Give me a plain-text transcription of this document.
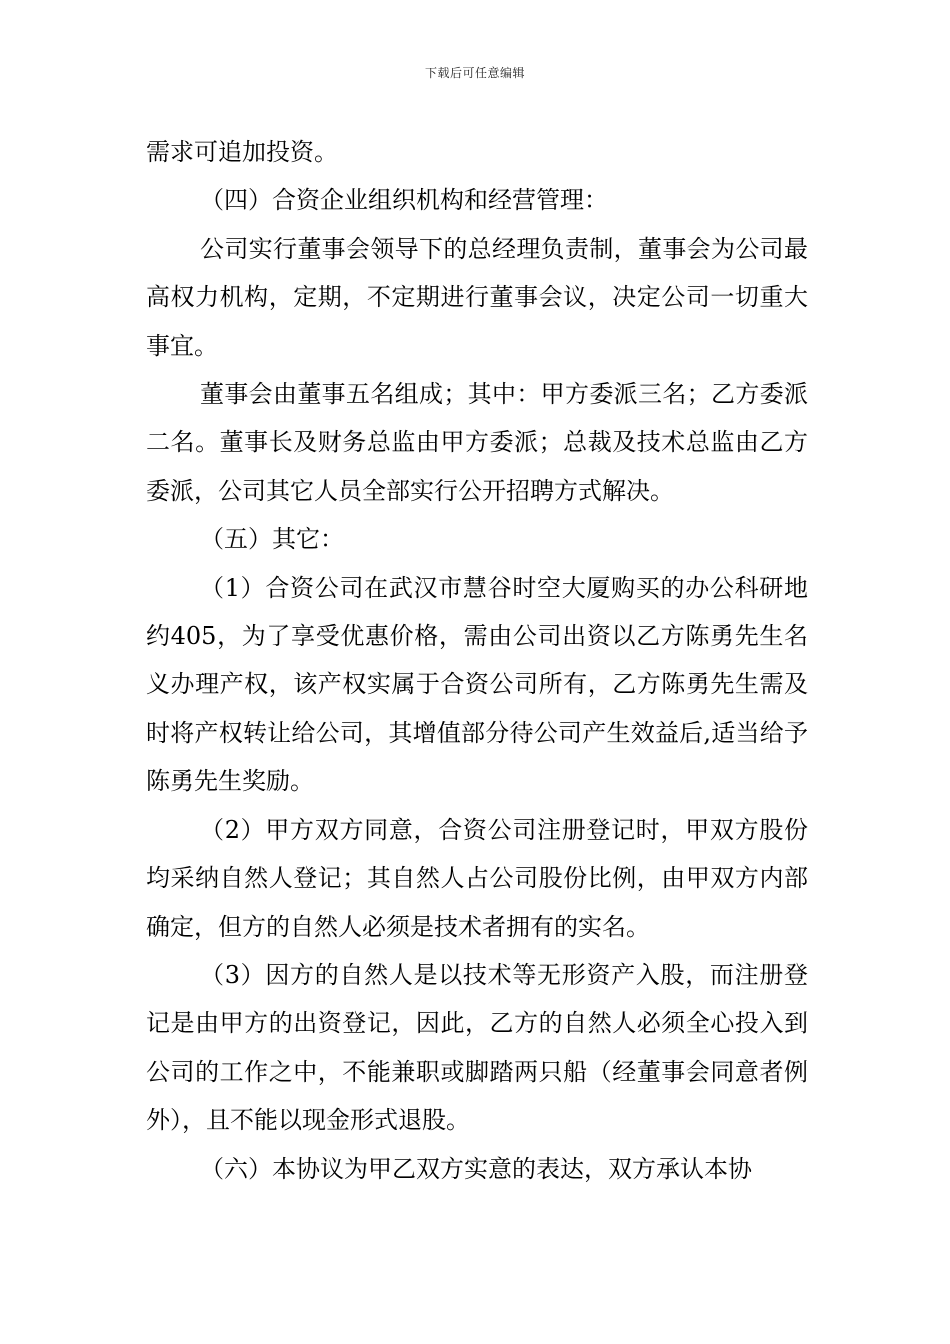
下载后可任意编辑

需求可追加投资。

（四）合资企业组织机构和经营管理：

公司实行董事会领导下的总经理负责制，董事会为公司最高权力机构，定期，不定期进行董事会议，决定公司一切重大事宜。

董事会由董事五名组成；其中：甲方委派三名；乙方委派二名。董事长及财务总监由甲方委派；总裁及技术总监由乙方委派，公司其它人员全部实行公开招聘方式解决。

（五）其它：

（1）合资公司在武汉市慧谷时空大厦购买的办公科研地约405，为了享受优惠价格，需由公司出资以乙方陈勇先生名义办理产权，该产权实属于合资公司所有，乙方陈勇先生需及时将产权转让给公司，其增值部分待公司产生效益后,适当给予陈勇先生奖励。

（2）甲方双方同意，合资公司注册登记时，甲双方股份均采纳自然人登记；其自然人占公司股份比例，由甲双方内部确定，但方的自然人必须是技术者拥有的实名。

（3）因方的自然人是以技术等无形资产入股，而注册登记是由甲方的出资登记，因此，乙方的自然人必须全心投入到公司的工作之中，不能兼职或脚踏两只船（经董事会同意者例外），且不能以现金形式退股。

（六）本协议为甲乙双方实意的表达，双方承认本协
